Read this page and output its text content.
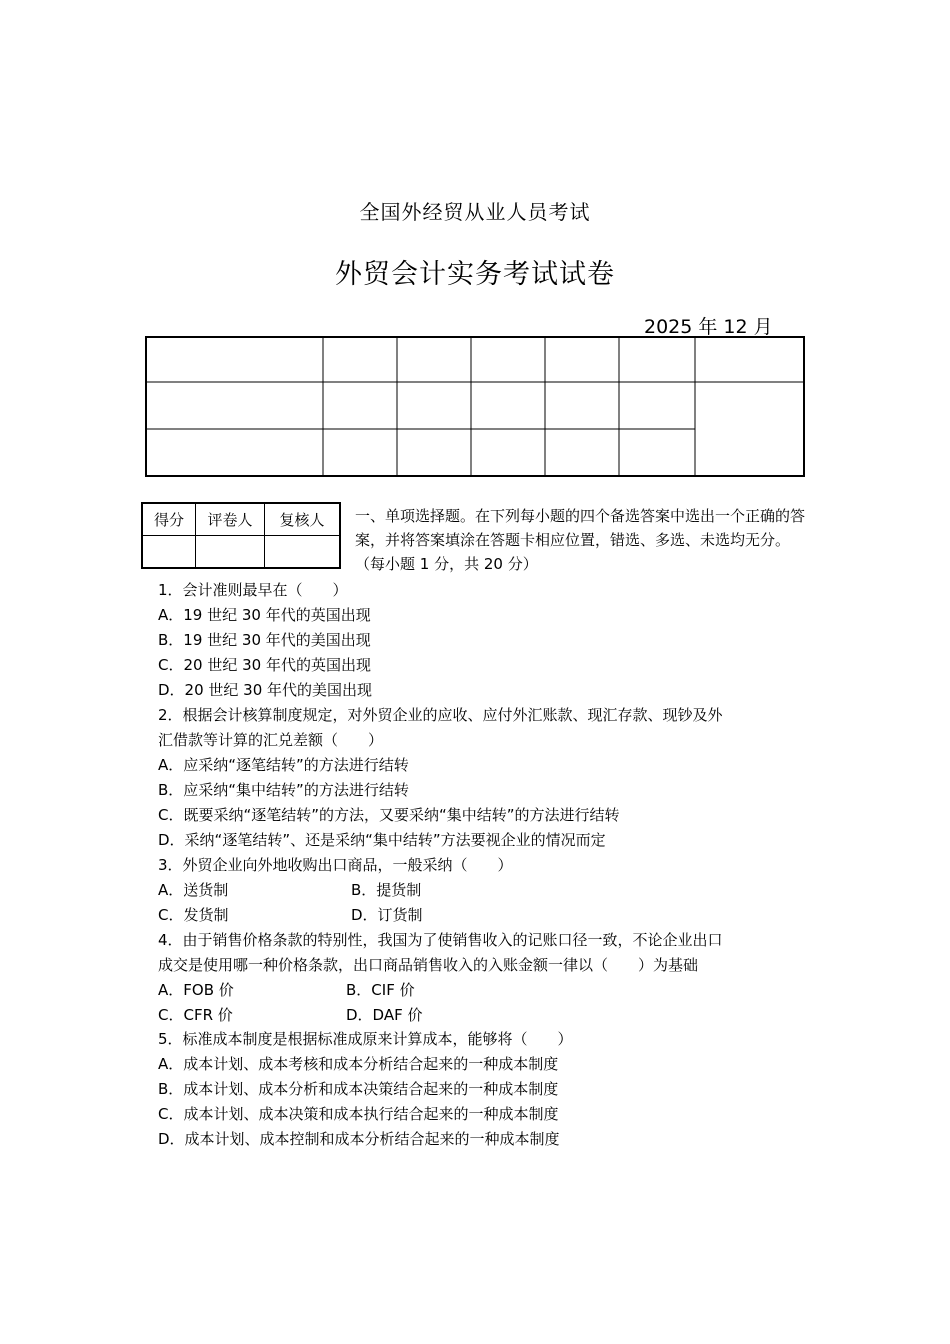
全国外经贸从业人员考试
外贸会计实务考试试卷
2025 年 12 月
得分	评卷人	复核人
		一、单项选择题。在下列每小题的四个备选答案中选出一个正确的答案，并将答案填涂在答题卡相应位置，错选、多选、未选均无分。（每小题 1 分，共 20 分）
1．会计准则最早在（　　）
A．19 世纪 30 年代的英国出现
B．19 世纪 30 年代的美国出现
C．20 世纪 30 年代的英国出现
D．20 世纪 30 年代的美国出现
2．根据会计核算制度规定，对外贸企业的应收、应付外汇账款、现汇存款、现钞及外
汇借款等计算的汇兑差额（　　）
A．应采纳“逐笔结转”的方法进行结转
B．应采纳“集中结转”的方法进行结转
C．既要采纳“逐笔结转”的方法，又要采纳“集中结转”的方法进行结转
D．采纳“逐笔结转”、还是采纳“集中结转”方法要视企业的情况而定
3．外贸企业向外地收购出口商品，一般采纳（　　）
A．送货制	B．提货制
C．发货制	D．订货制
4．由于销售价格条款的特别性，我国为了使销售收入的记账口径一致，不论企业出口
成交是使用哪一种价格条款，出口商品销售收入的入账金额一律以（　　）为基础
A．FOB 价	B．CIF 价
C．CFR 价	D．DAF 价
5．标准成本制度是根据标准成原来计算成本，能够将（　　）
A．成本计划、成本考核和成本分析结合起来的一种成本制度
B．成本计划、成本分析和成本决策结合起来的一种成本制度
C．成本计划、成本决策和成本执行结合起来的一种成本制度
D．成本计划、成本控制和成本分析结合起来的一种成本制度
